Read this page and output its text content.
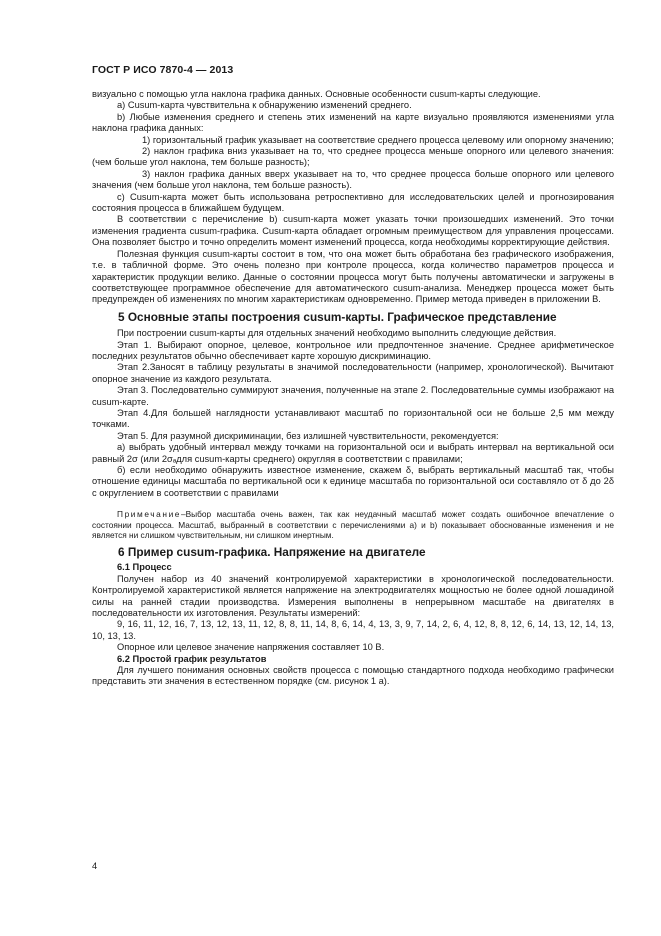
ГОСТ Р ИСО 7870-4 — 2013

визуально с помощью угла наклона графика данных. Основные особенности cusum-карты следующие.

a) Cusum-карта чувствительна к обнаружению изменений среднего.

b) Любые изменения среднего и степень этих изменений на карте визуально проявляются изменениями угла наклона графика данных:

1) горизонтальный график указывает на соответствие среднего процесса целевому или опорному значению;

2) наклон графика вниз указывает на то, что среднее процесса меньше опорного или целевого значения: (чем больше угол наклона, тем больше разность);

3) наклон графика данных вверх указывает на то, что среднее процесса больше опорного или целевого значения (чем больше угол наклона, тем больше разность).

c) Cusum-карта может быть использована ретроспективно для исследовательских целей и прогнозирования состояния процесса в ближайшем будущем.

В соответствии с перечисление b) cusum-карта может указать точки произошедших изменений. Это точки изменения градиента cusum-графика. Cusum-карта обладает огромным преимуществом для управления процессами. Она позволяет быстро и точно определить момент изменений процесса, когда необходимы корректирующие действия.

Полезная функция cusum-карты состоит в том, что она может быть обработана без графического изображения, т.е. в табличной форме. Это очень полезно при контроле процесса, когда количество параметров процесса и характеристик продукции велико. Данные о состоянии процесса могут быть получены автоматически и загружены в соответствующее программное обеспечение для автоматического cusum-анализа. Менеджер процесса может быть предупрежден об изменениях по многим характеристикам одновременно. Пример метода приведен в приложении В.

5 Основные этапы построения cusum-карты. Графическое представление

При построении cusum-карты для отдельных значений необходимо выполнить следующие действия.

Этап 1. Выбирают опорное, целевое, контрольное или предпочтенное значение. Среднее арифметическое последних результатов обычно обеспечивает карте хорошую дискриминацию.

Этап 2.Заносят в таблицу результаты в значимой последовательности (например, хронологической). Вычитают опорное значение из каждого результата.

Этап 3. Последовательно суммируют значения, полученные на этапе 2. Последовательные суммы изображают на cusum-карте.

Этап 4.Для большей наглядности устанавливают масштаб по горизонтальной оси не больше 2,5 мм между точками.

Этап 5. Для разумной дискриминации, без излишней чувствительности, рекомендуется:

а) выбрать удобный интервал между точками на горизонтальной оси и выбрать интервал на вертикальной оси равный 2σ (или 2σₐдля cusum-карты среднего) округляя в соответствии с правилами;

б) если необходимо обнаружить известное изменение, скажем δ, выбрать вертикальный масштаб так, чтобы отношение единицы масштаба по вертикальной оси к единице масштаба по горизонтальной оси составляло от δ до 2δ с округлением в соответствии с правилами

Примечание–Выбор масштаба очень важен, так как неудачный масштаб может создать ошибочное впечатление о состоянии процесса. Масштаб, выбранный в соответствии с перечислениями а) и b) показывает обоснованные изменения и не является ни слишком чувствительным, ни слишком инертным.

6 Пример cusum-графика. Напряжение на двигателе

6.1 Процесс

Получен набор из 40 значений контролируемой характеристики в хронологической последовательности. Контролируемой характеристикой является напряжение на электродвигателях мощностью не более одной лошадиной силы на ранней стадии производства. Измерения выполнены в непрерывном масштабе на двигателях в последовательности их изготовления. Результаты измерений:

9, 16, 11, 12, 16, 7, 13, 12, 13, 11, 12, 8, 8, 11, 14, 8, 6, 14, 4, 13, 3, 9, 7, 14, 2, 6, 4, 12, 8, 8, 12, 6, 14, 13, 12, 14, 13, 10, 13, 13.

Опорное или целевое значение напряжения составляет 10 В.

6.2 Простой график результатов

Для лучшего понимания основных свойств процесса с помощью стандартного подхода необходимо графически представить эти значения в естественном порядке (см. рисунок 1 а).

4
